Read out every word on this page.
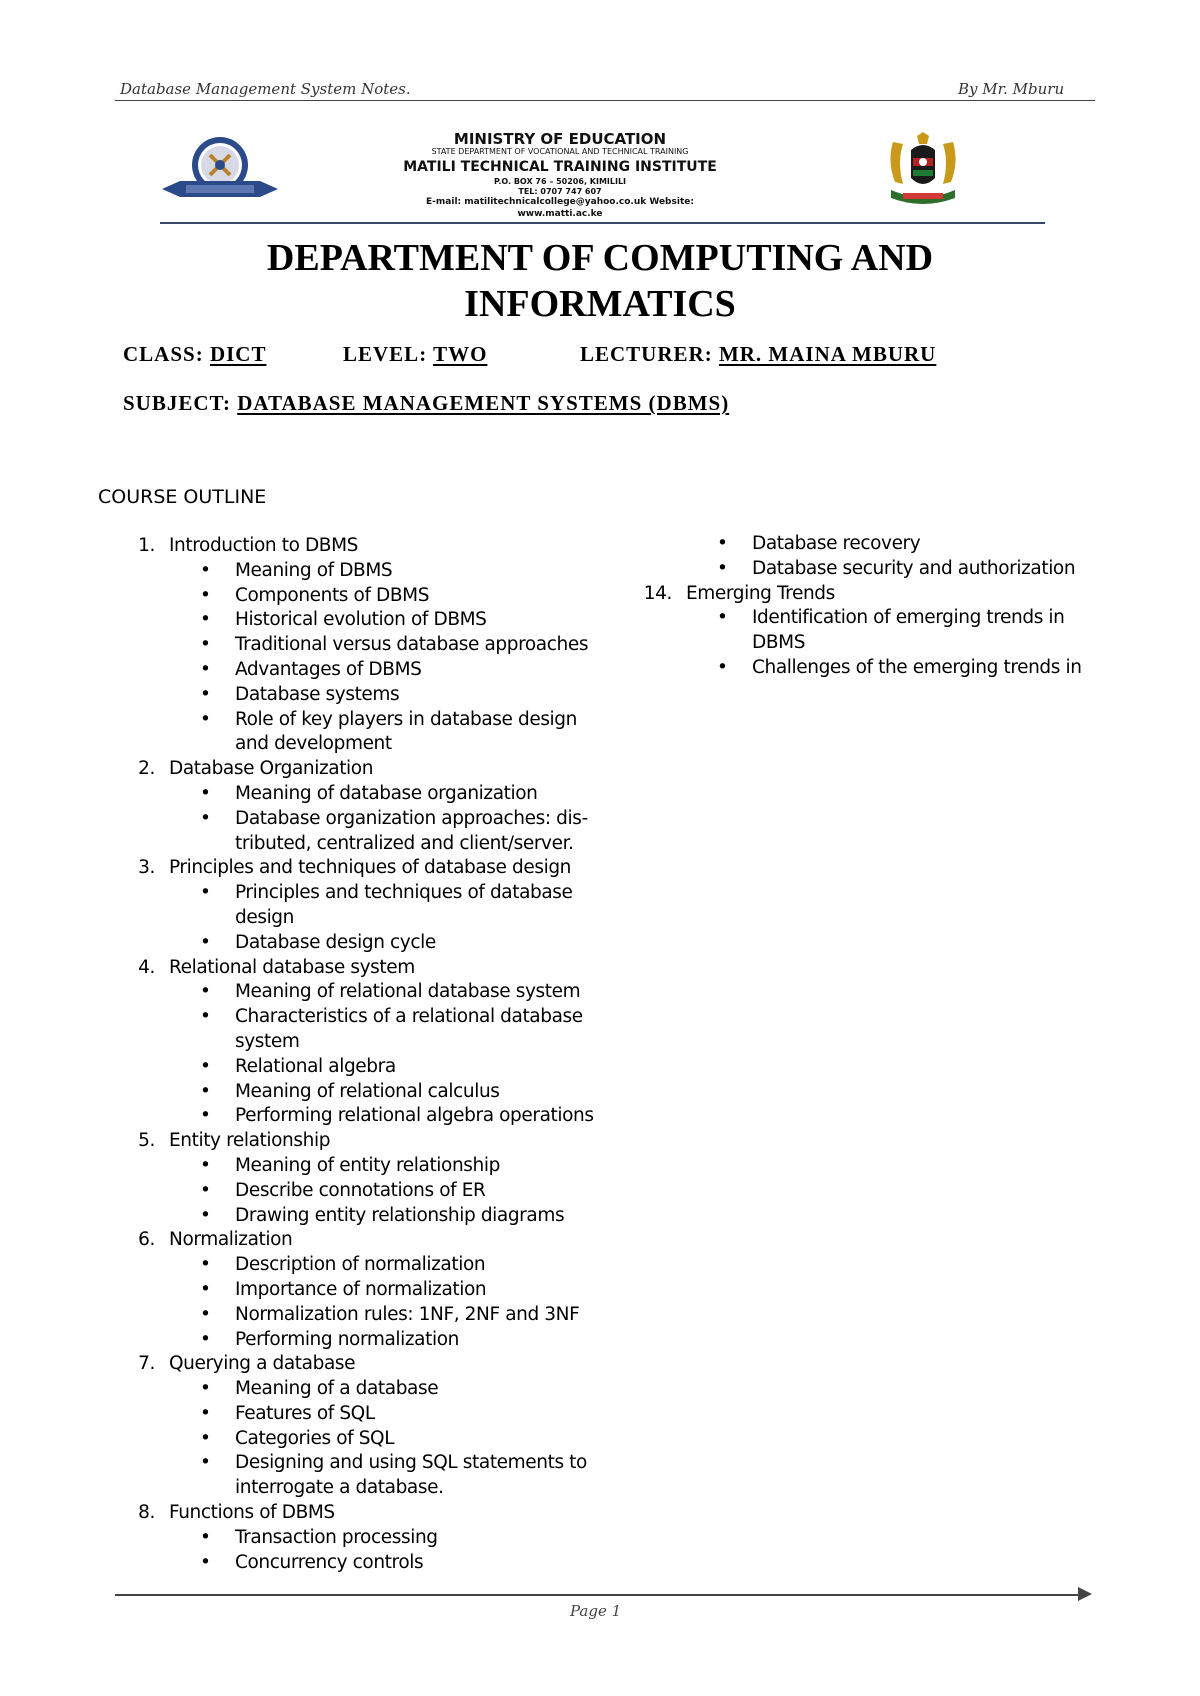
Database Management System Notes.	By Mr. Mburu
MINISTRY OF EDUCATION
STATE DEPARTMENT OF VOCATIONAL AND TECHNICAL TRAINING
MATILI TECHNICAL TRAINING INSTITUTE
P.O. BOX 76 – 50206, KIMILILI
TEL: 0707 747 607
E-mail: matilitechnicalcollege@yahoo.co.uk Website:
www.matti.ac.ke
DEPARTMENT OF COMPUTING AND
INFORMATICS
CLASS: DICT	LEVEL: TWO	LECTURER: MR. MAINA MBURU
SUBJECT: DATABASE MANAGEMENT SYSTEMS (DBMS)
COURSE OUTLINE
1. Introduction to DBMS
• Meaning of DBMS
• Components of DBMS
• Historical evolution of DBMS
• Traditional versus database approaches
• Advantages of DBMS
• Database systems
• Role of key players in database design
and development
2. Database Organization
• Meaning of database organization
• Database organization approaches: dis-
tributed, centralized and client/server.
3. Principles and techniques of database design
• Principles and techniques of database
design
• Database design cycle
4. Relational database system
• Meaning of relational database system
• Characteristics of a relational database
system
• Relational algebra
• Meaning of relational calculus
• Performing relational algebra operations
5. Entity relationship
• Meaning of entity relationship
• Describe connotations of ER
• Drawing entity relationship diagrams
6. Normalization
• Description of normalization
• Importance of normalization
• Normalization rules: 1NF, 2NF and 3NF
• Performing normalization
7. Querying a database
• Meaning of a database
• Features of SQL
• Categories of SQL
• Designing and using SQL statements to
interrogate a database.
8. Functions of DBMS
• Transaction processing
• Concurrency controls
• Database recovery
• Database security and authorization
14. Emerging Trends
• Identification of emerging trends in
DBMS
• Challenges of the emerging trends in
Page 1
